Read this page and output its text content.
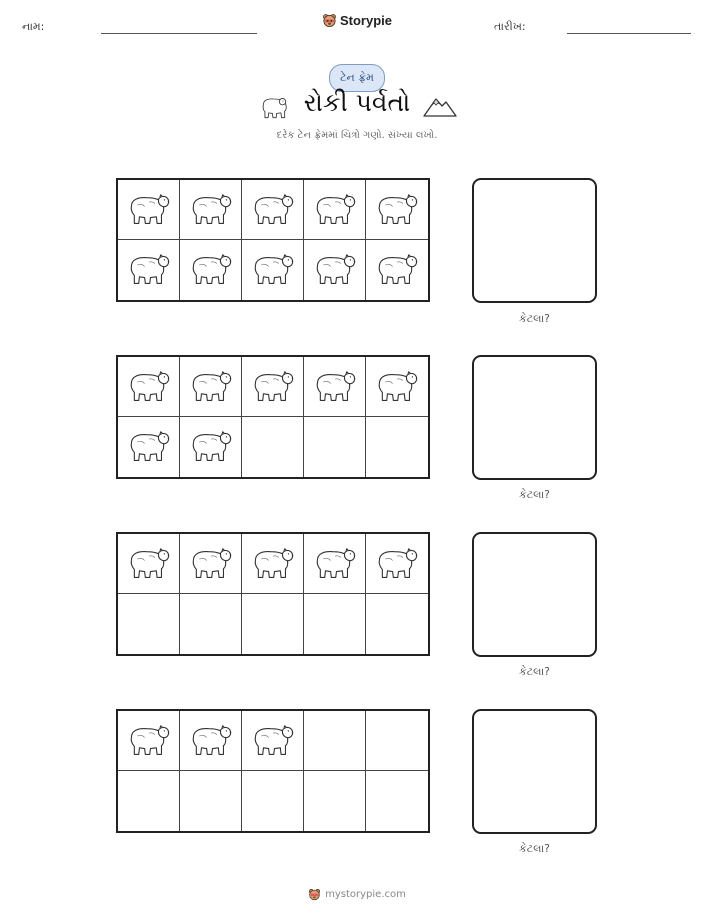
નામ:	Storypie	તારીખ:
ટેન ફ્રેમ
રોકી પર્વતો
દરેક ટેન ફ્રેમમાં ચિત્રો ગણો. સંખ્યા લખો.
કેટલા?
કેટલા?
કેટલા?
કેટલા?
mystorypie.com
